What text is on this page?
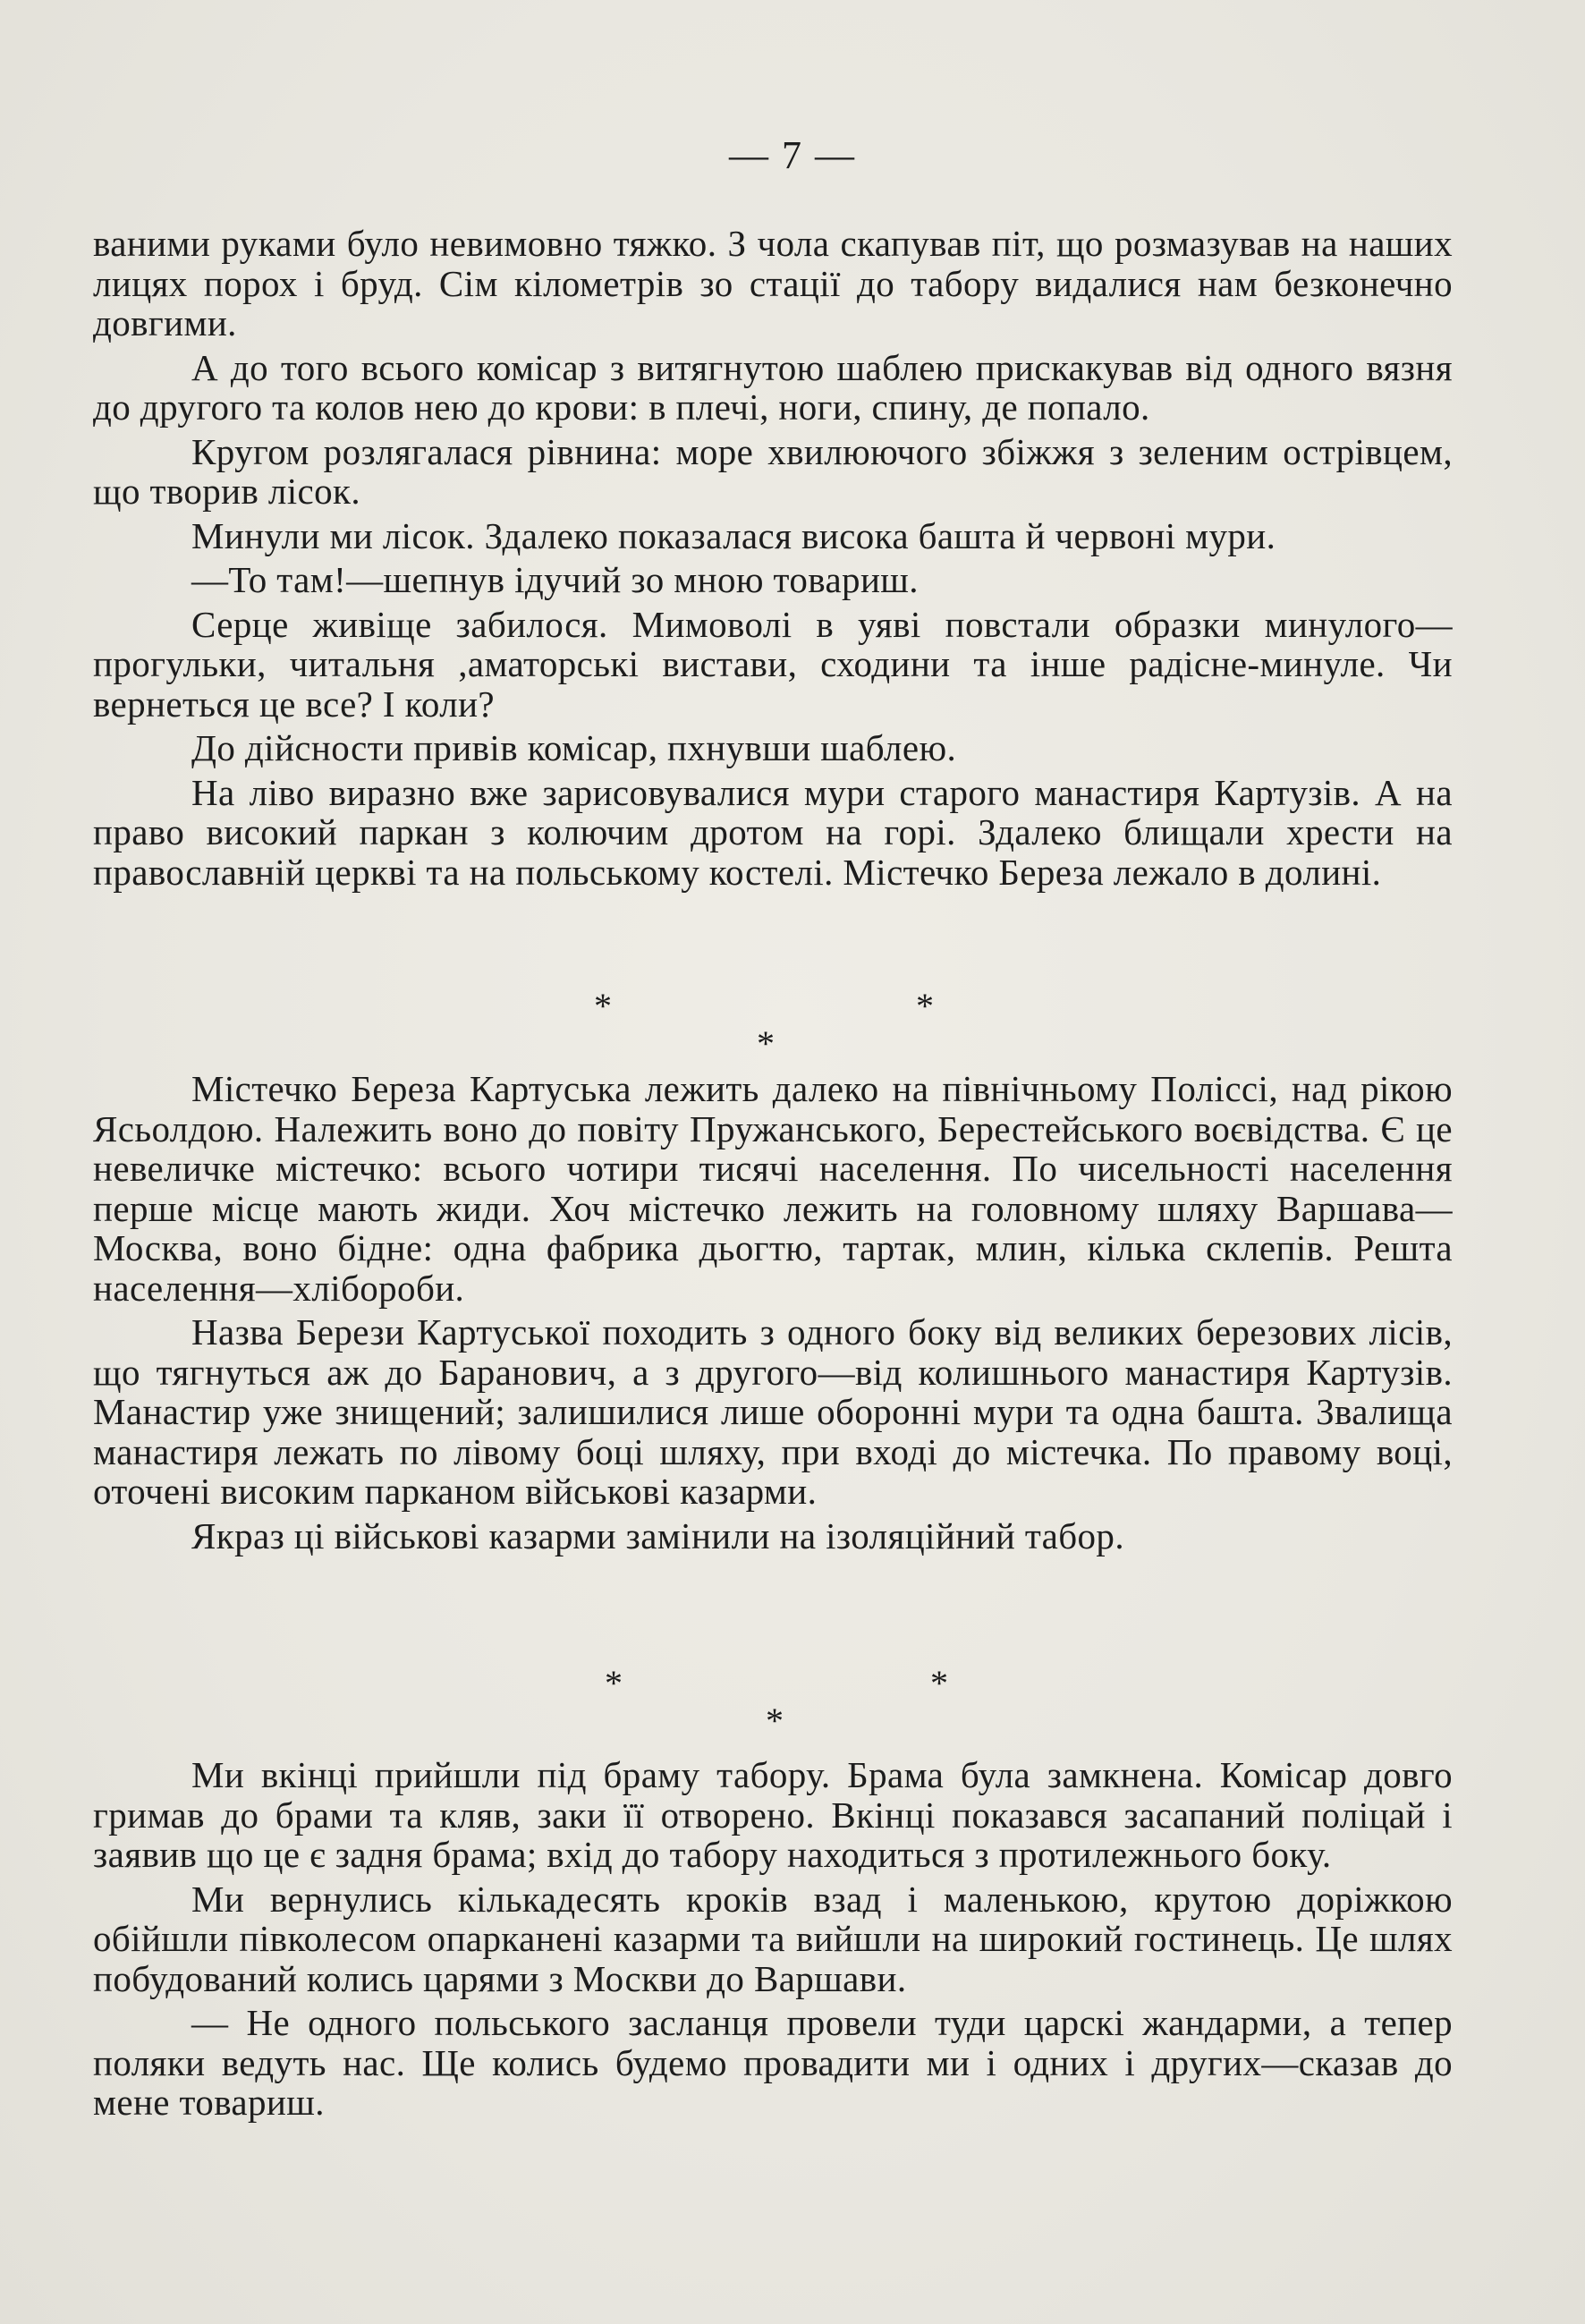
— 7 —

ваними руками було невимовно тяжко. З чола скапував піт, що розмазував на наших лицях порох і бруд. Сім кілометрів зо стації до табору видалися нам безконечно довгими.

А до того всього комісар з витягнутою шаблею прискакував від одного вязня до другого та колов нею до крови: в плечі, ноги, спину, де попало.

Кругом розлягалася рівнина: море хвилюючого збіжжя з зеленим острівцем, що творив лісок.

Минули ми лісок. Здалеко показалася висока башта й червоні мури.

—То там!—шепнув ідучий зо мною товариш.

Серце живіще забилося. Мимоволі в уяві повстали образки минулого—прогульки, читальня ,аматорські вистави, сходини та інше радісне-минуле. Чи вернеться це все? І коли?

До дійсности привів комісар, пхнувши шаблею.

На ліво виразно вже зарисовувалися мури старого манастиря Картузів. А на право високий паркан з колючим дротом на горі. Здалеко блищали хрести на православній церкві та на польському костелі. Містечко Береза лежало в долині.

*	*
*

Містечко Береза Картуська лежить далеко на північньому Поліссі, над рікою Ясьолдою. Належить воно до повіту Пружанського, Берестейського воєвідства. Є це невеличке містечко: всього чотири тисячі населення. По чисельності населення перше місце мають жиди. Хоч містечко лежить на головному шляху Варшава—Москва, воно бідне: одна фабрика дьогтю, тартак, млин, кілька склепів. Решта населення—хлібороби.

Назва Берези Картуської походить з одного боку від великих березових лісів, що тягнуться аж до Баранович, а з другого—від колишнього манастиря Картузів. Манастир уже знищений; залишилися лише оборонні мури та одна башта. Звалища манастиря лежать по лівому боці шляху, при вході до містечка. По правому воці, оточені високим парканом військові казарми.

Якраз ці військові казарми замінили на ізоляційний табор.

*	*
*

Ми вкінці прийшли під браму табору. Брама була замкнена. Комісар довго гримав до брами та кляв, заки її отворено. Вкінці показався засапаний поліцай і заявив що це є задня брама; вхід до табору находиться з протилежнього боку.

Ми вернулись кількадесять кроків взад і маленькою, крутою доріжкою обійшли півколесом опарканені казарми та вийшли на широкий гостинець. Це шлях побудований колись царями з Москви до Варшави.

— Не одного польського засланця провели туди царскі жандарми, а тепер поляки ведуть нас. Ще колись будемо провадити ми і одних і других—сказав до мене товариш.
